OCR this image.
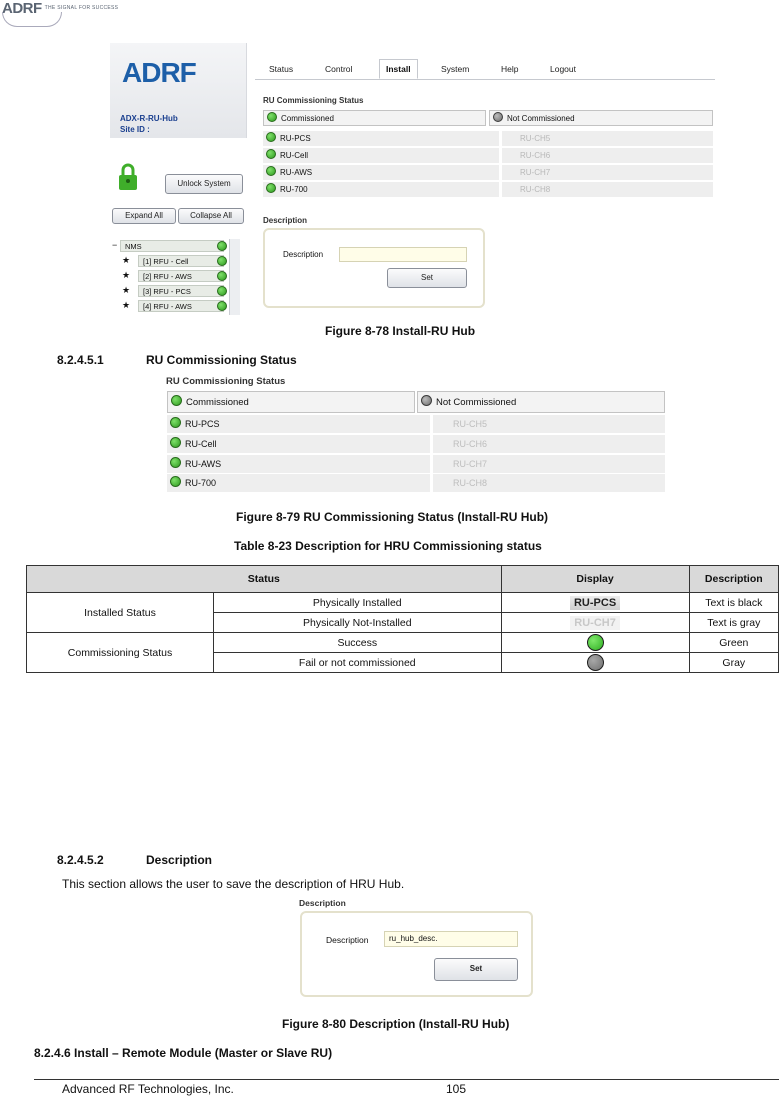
ADRF $^{THE SIGNAL FOR SUCCESS}$
ADRF
ADX-R-RU-Hub
Site ID :
Unlock System
Expand All	Collapse All
−	NMS
★	[1] RFU - Cell
★	[2] RFU - AWS
★	[3] RFU - PCS
★	[4] RFU - AWS
Status	Control	Install	System	Help	Logout
RU Commissioning Status
Commissioned	Not Commissioned
RU-PCS	RU-CH5
RU-Cell	RU-CH6
RU-AWS	RU-CH7
RU-700	RU-CH8
Description
Description
Set
Figure 8-78 Install-RU Hub
8.2.4.5.1	RU Commissioning Status
RU Commissioning Status
Commissioned	Not Commissioned
RU-PCS	RU-CH5
RU-Cell	RU-CH6
RU-AWS	RU-CH7
RU-700	RU-CH8
Figure 8-79 RU Commissioning Status (Install-RU Hub)
Table 8-23 Description for HRU Commissioning status
Status		Display	Description
Installed Status	Physically Installed	RU-PCS	Text is black
	Physically Not-Installed	RU-CH7	Text is gray
Commissioning Status	Success		Green
	Fail or not commissioned		Gray
8.2.4.5.2	Description
This section allows the user to save the description of HRU Hub.
Description
Description	ru_hub_desc.
Set
Figure 8-80 Description (Install-RU Hub)
8.2.4.6 Install – Remote Module (Master or Slave RU)
Advanced RF Technologies, Inc.	105
